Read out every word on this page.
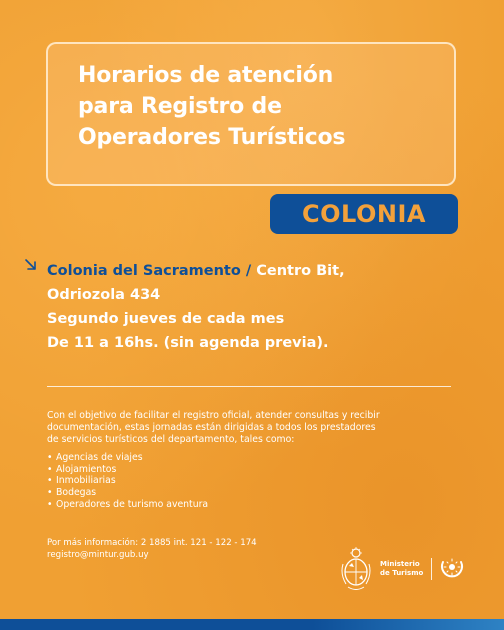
Horarios de atención
para Registro de
Operadores Turísticos
COLONIA
Colonia del Sacramento / Centro Bit,
Odriozola 434
Segundo jueves de cada mes
De 11 a 16hs. (sin agenda previa).
Con el objetivo de facilitar el registro oficial, atender consultas y recibir
documentación, estas jornadas están dirigidas a todos los prestadores
de servicios turísticos del departamento, tales como:
• Agencias de viajes
• Alojamientos
• Inmobiliarias
• Bodegas
• Operadores de turismo aventura
Por más información: 2 1885 int. 121 - 122 - 174
registro@mintur.gub.uy
Ministerio
de Turismo
